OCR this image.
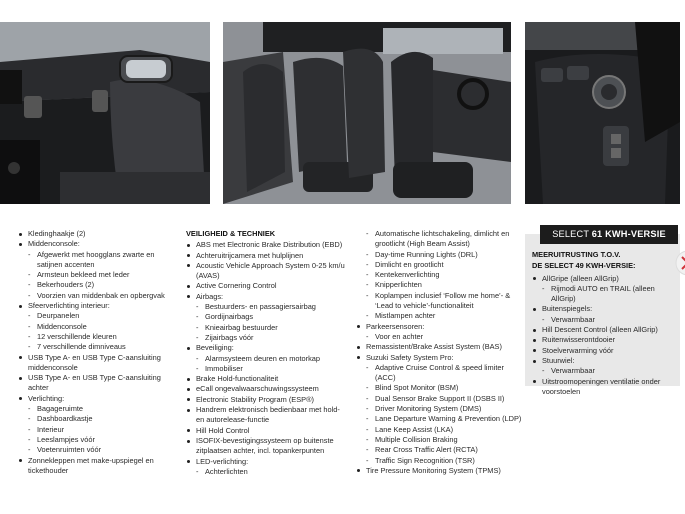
Kledinghaakje (2)
Middenconsole:
- Afgewerkt met hoogglans zwarte en satijnen accenten
- Armsteun bekleed met leder
- Bekerhouders (2)
- Voorzien van middenbak en opbergvak
Sfeerverlichting interieur:
- Deurpanelen
- Middenconsole
- 12 verschillende kleuren
- 7 verschillende dimniveaus
USB Type A- en USB Type C-aansluiting middenconsole
USB Type A- en USB Type C-aansluiting achter
Verlichting:
- Bagageruimte
- Dashboardkastje
- Interieur
- Leeslampjes vóór
- Voetenruimten vóór
Zonnekleppen met make-upspiegel en tickethouder
VEILIGHEID & TECHNIEK
ABS met Electronic Brake Distribution (EBD)
Achteruitrijcamera met hulplijnen
Acoustic Vehicle Approach System 0-25 km/u (AVAS)
Active Cornering Control
Airbags:
- Bestuurders- en passagiersairbag
- Gordijnairbags
- Knieairbag bestuurder
- Zijairbags vóór
Beveiliging:
- Alarmsysteem deuren en motorkap
- Immobiliser
Brake Hold-functionaliteit
eCall ongevalwaarschuwingssysteem
Electronic Stability Program (ESP®)
Handrem elektronisch bedienbaar met hold- en autorelease-functie
Hill Hold Control
ISOFIX-bevestigingssysteem op buitenste zitplaatsen achter, incl. topankerpunten
LED-verlichting:
- Achterlichten
- Automatische lichtschakeling, dimlicht en grootlicht (High Beam Assist)
- Day-time Running Lights (DRL)
- Dimlicht en grootlicht
- Kentekenverlichting
- Knipperlichten
- Koplampen inclusief ‘Follow me home’- & ‘Lead to vehicle’-functionaliteit
- Mistlampen achter
Parkeersensoren:
- Voor en achter
Remassistent/Brake Assist System (BAS)
Suzuki Safety System Pro:
- Adaptive Cruise Control & speed limiter (ACC)
- Blind Spot Monitor (BSM)
- Dual Sensor Brake Support II (DSBS II)
- Driver Monitoring System (DMS)
- Lane Departure Warning & Prevention (LDP)
- Lane Keep Assist (LKA)
- Multiple Collision Braking
- Rear Cross Traffic Alert (RCTA)
- Traffic Sign Recognition (TSR)
Tire Pressure Monitoring System (TPMS)
SELECT 61 KWH-VERSIE
MEERUITRUSTING T.O.V.
DE SELECT 49 KWH-VERSIE:
AllGripe (alleen AllGrip)
- Rijmodi AUTO en TRAIL (alleen AllGrip)
Buitenspiegels:
- Verwarmbaar
Hill Descent Control (alleen AllGrip)
Ruitenwisserontdooier
Stoelverwarming vóór
Stuurwiel:
- Verwarmbaar
Uitstroomopeningen ventilatie onder voorstoelen
